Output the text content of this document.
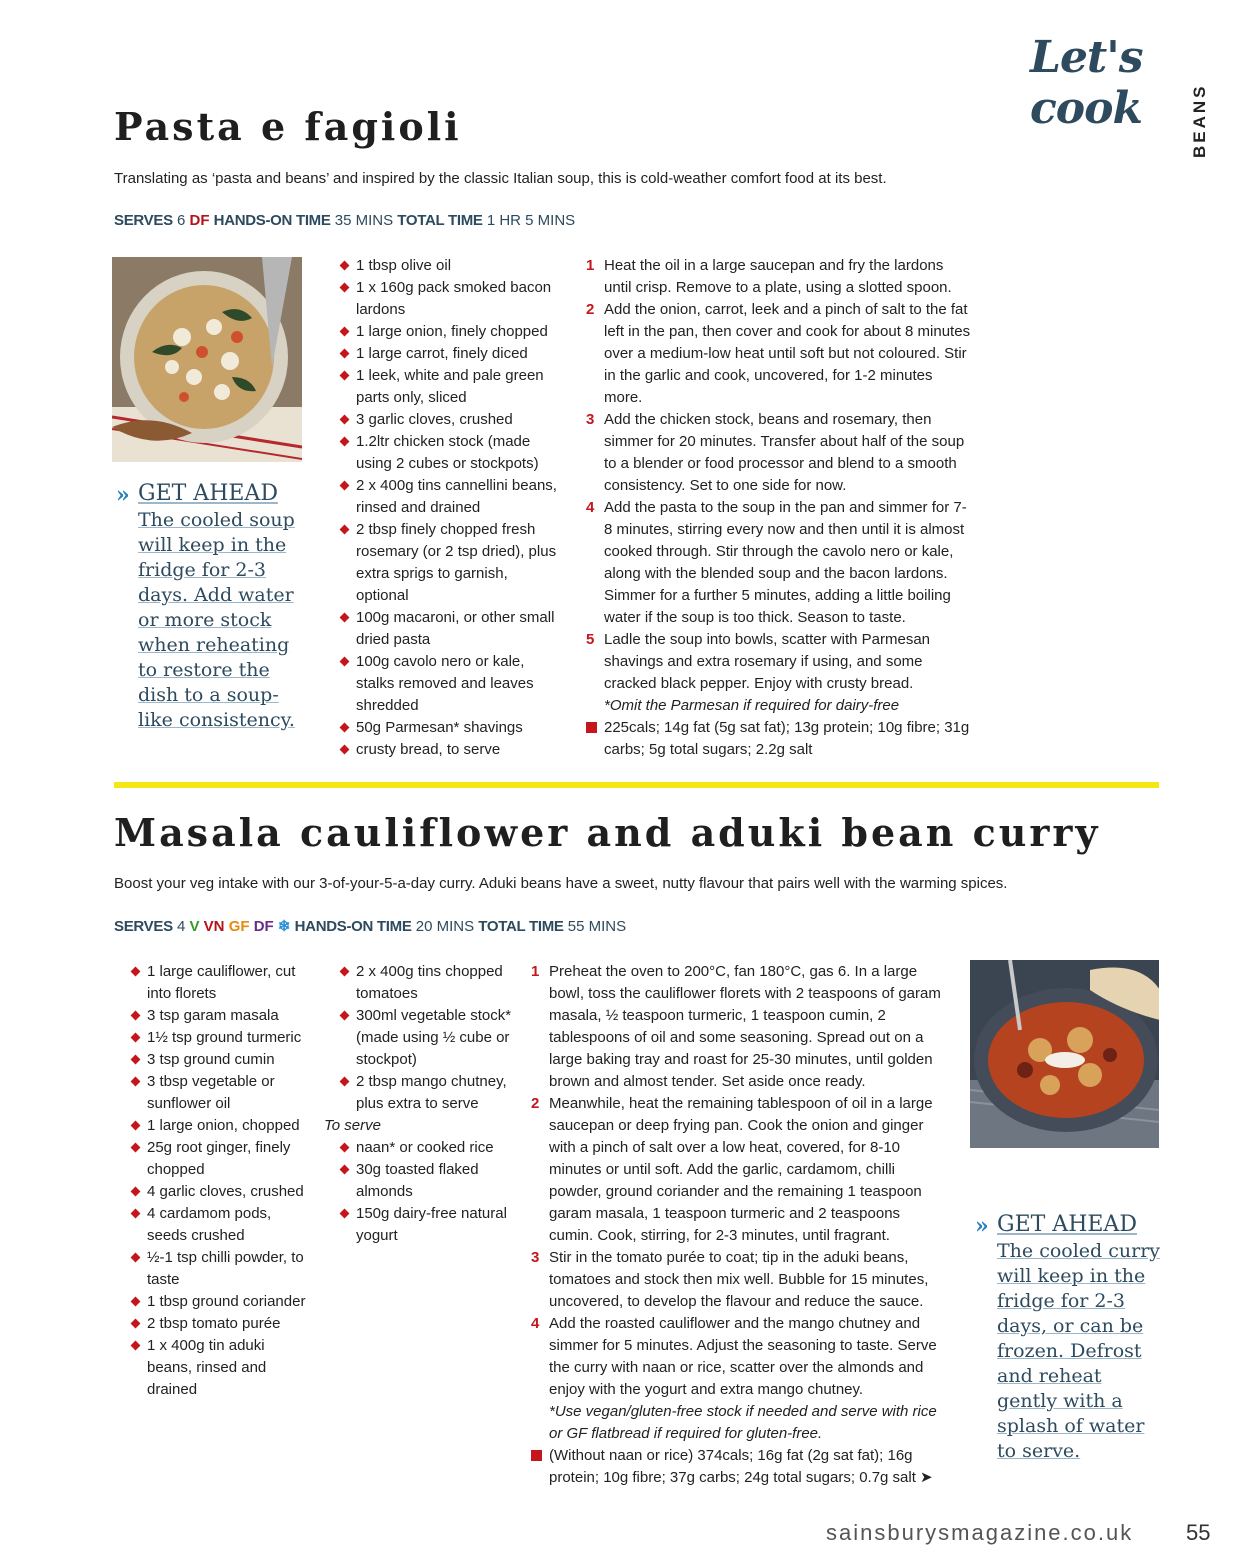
Let's cook	BEANS
Pasta e fagioli
Translating as ‘pasta and beans’ and inspired by the classic Italian soup, this is cold-weather comfort food at its best.
SERVES 6 DF HANDS-ON TIME 35 MINS TOTAL TIME 1 HR 5 MINS
» GET AHEAD
The cooled soup will keep in the fridge for 2-3 days. Add water or more stock when reheating to restore the dish to a soup-like consistency.
1 tbsp olive oil
1 x 160g pack smoked bacon lardons
1 large onion, finely chopped
1 large carrot, finely diced
1 leek, white and pale green parts only, sliced
3 garlic cloves, crushed
1.2ltr chicken stock (made using 2 cubes or stockpots)
2 x 400g tins cannellini beans, rinsed and drained
2 tbsp finely chopped fresh rosemary (or 2 tsp dried), plus extra sprigs to garnish, optional
100g macaroni, or other small dried pasta
100g cavolo nero or kale, stalks removed and leaves shredded
50g Parmesan* shavings
crusty bread, to serve
1 Heat the oil in a large saucepan and fry the lardons until crisp. Remove to a plate, using a slotted spoon.
2 Add the onion, carrot, leek and a pinch of salt to the fat left in the pan, then cover and cook for about 8 minutes over a medium-low heat until soft but not coloured. Stir in the garlic and cook, uncovered, for 1-2 minutes more.
3 Add the chicken stock, beans and rosemary, then simmer for 20 minutes. Transfer about half of the soup to a blender or food processor and blend to a smooth consistency. Set to one side for now.
4 Add the pasta to the soup in the pan and simmer for 7-8 minutes, stirring every now and then until it is almost cooked through. Stir through the cavolo nero or kale, along with the blended soup and the bacon lardons. Simmer for a further 5 minutes, adding a little boiling water if the soup is too thick. Season to taste.
5 Ladle the soup into bowls, scatter with Parmesan shavings and extra rosemary if using, and some cracked black pepper. Enjoy with crusty bread.
*Omit the Parmesan if required for dairy-free
225cals; 14g fat (5g sat fat); 13g protein; 10g fibre; 31g carbs; 5g total sugars; 2.2g salt
Masala cauliflower and aduki bean curry
Boost your veg intake with our 3-of-your-5-a-day curry. Aduki beans have a sweet, nutty flavour that pairs well with the warming spices.
SERVES 4 V VN GF DF ❄ HANDS-ON TIME 20 MINS TOTAL TIME 55 MINS
1 large cauliflower, cut into florets
3 tsp garam masala
1½ tsp ground turmeric
3 tsp ground cumin
3 tbsp vegetable or sunflower oil
1 large onion, chopped
25g root ginger, finely chopped
4 garlic cloves, crushed
4 cardamom pods, seeds crushed
½-1 tsp chilli powder, to taste
1 tbsp ground coriander
2 tbsp tomato purée
1 x 400g tin aduki beans, rinsed and drained
2 x 400g tins chopped tomatoes
300ml vegetable stock* (made using ½ cube or stockpot)
2 tbsp mango chutney, plus extra to serve
To serve
naan* or cooked rice
30g toasted flaked almonds
150g dairy-free natural yogurt
1 Preheat the oven to 200°C, fan 180°C, gas 6. In a large bowl, toss the cauliflower florets with 2 teaspoons of garam masala, ½ teaspoon turmeric, 1 teaspoon cumin, 2 tablespoons of oil and some seasoning. Spread out on a large baking tray and roast for 25-30 minutes, until golden brown and almost tender. Set aside once ready.
2 Meanwhile, heat the remaining tablespoon of oil in a large saucepan or deep frying pan. Cook the onion and ginger with a pinch of salt over a low heat, covered, for 8-10 minutes or until soft. Add the garlic, cardamom, chilli powder, ground coriander and the remaining 1 teaspoon garam masala, 1 teaspoon turmeric and 2 teaspoons cumin. Cook, stirring, for 2-3 minutes, until fragrant.
3 Stir in the tomato purée to coat; tip in the aduki beans, tomatoes and stock then mix well. Bubble for 15 minutes, uncovered, to develop the flavour and reduce the sauce.
4 Add the roasted cauliflower and the mango chutney and simmer for 5 minutes. Adjust the seasoning to taste. Serve the curry with naan or rice, scatter over the almonds and enjoy with the yogurt and extra mango chutney.
*Use vegan/gluten-free stock if needed and serve with rice or GF flatbread if required for gluten-free.
(Without naan or rice) 374cals; 16g fat (2g sat fat); 16g protein; 10g fibre; 37g carbs; 24g total sugars; 0.7g salt ➤
» GET AHEAD
The cooled curry will keep in the fridge for 2-3 days, or can be frozen. Defrost and reheat gently with a splash of water to serve.
sainsburysmagazine.co.uk 55
